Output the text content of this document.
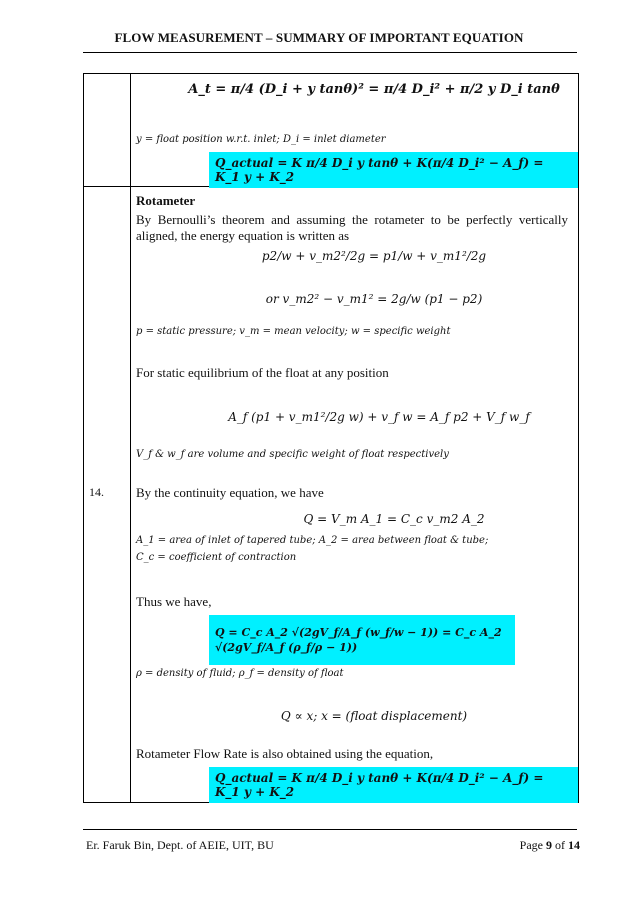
FLOW MEASUREMENT – SUMMARY OF IMPORTANT EQUATION
14.
A_t = π/4 (D_i + y tanθ)² = π/4 D_i² + π/2 y D_i tanθ
y = float position w.r.t. inlet; D_i = inlet diameter
Q_actual = K π/4 D_i y tanθ + K(π/4 D_i² − A_f) = K_1 y + K_2
Rotameter
By Bernoulli’s theorem and assuming the rotameter to be perfectly vertically aligned, the energy equation is written as
p2/w + v_m2²/2g = p1/w + v_m1²/2g
or v_m2² − v_m1² = 2g/w (p1 − p2)
p = static pressure; v_m = mean velocity; w = specific weight
For static equilibrium of the float at any position
A_f (p1 + v_m1²/2g w) + v_f w = A_f p2 + V_f w_f
V_f & w_f are volume and specific weight of float respectively
By the continuity equation, we have
Q = V_m A_1 = C_c v_m2 A_2
A_1 = area of inlet of tapered tube; A_2 = area between float & tube;
C_c = coefficient of contraction
Thus we have,
Q = C_c A_2 √(2gV_f/A_f (w_f/w − 1)) = C_c A_2 √(2gV_f/A_f (ρ_f/ρ − 1))
ρ = density of fluid; ρ_f = density of float
Q ∝ x; x = (float displacement)
Rotameter Flow Rate is also obtained using the equation,
Q_actual = K π/4 D_i y tanθ + K(π/4 D_i² − A_f) = K_1 y + K_2
Er. Faruk Bin, Dept. of AEIE, UIT, BU	Page 9 of 14
